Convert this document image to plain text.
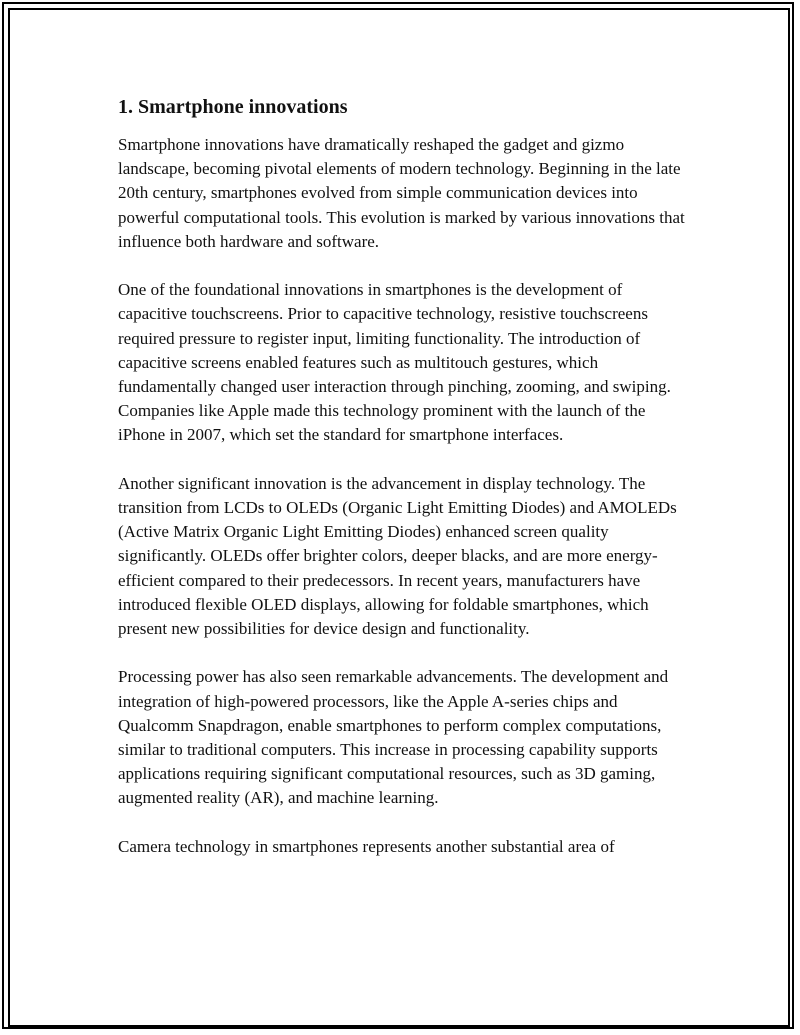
1. Smartphone innovations

Smartphone innovations have dramatically reshaped the gadget and gizmo landscape, becoming pivotal elements of modern technology. Beginning in the late 20th century, smartphones evolved from simple communication devices into powerful computational tools. This evolution is marked by various innovations that influence both hardware and software.

One of the foundational innovations in smartphones is the development of capacitive touchscreens. Prior to capacitive technology, resistive touchscreens required pressure to register input, limiting functionality. The introduction of capacitive screens enabled features such as multitouch gestures, which fundamentally changed user interaction through pinching, zooming, and swiping. Companies like Apple made this technology prominent with the launch of the iPhone in 2007, which set the standard for smartphone interfaces.

Another significant innovation is the advancement in display technology. The transition from LCDs to OLEDs (Organic Light Emitting Diodes) and AMOLEDs (Active Matrix Organic Light Emitting Diodes) enhanced screen quality significantly. OLEDs offer brighter colors, deeper blacks, and are more energy-efficient compared to their predecessors. In recent years, manufacturers have introduced flexible OLED displays, allowing for foldable smartphones, which present new possibilities for device design and functionality.

Processing power has also seen remarkable advancements. The development and integration of high-powered processors, like the Apple A-series chips and Qualcomm Snapdragon, enable smartphones to perform complex computations, similar to traditional computers. This increase in processing capability supports applications requiring significant computational resources, such as 3D gaming, augmented reality (AR), and machine learning.

Camera technology in smartphones represents another substantial area of
